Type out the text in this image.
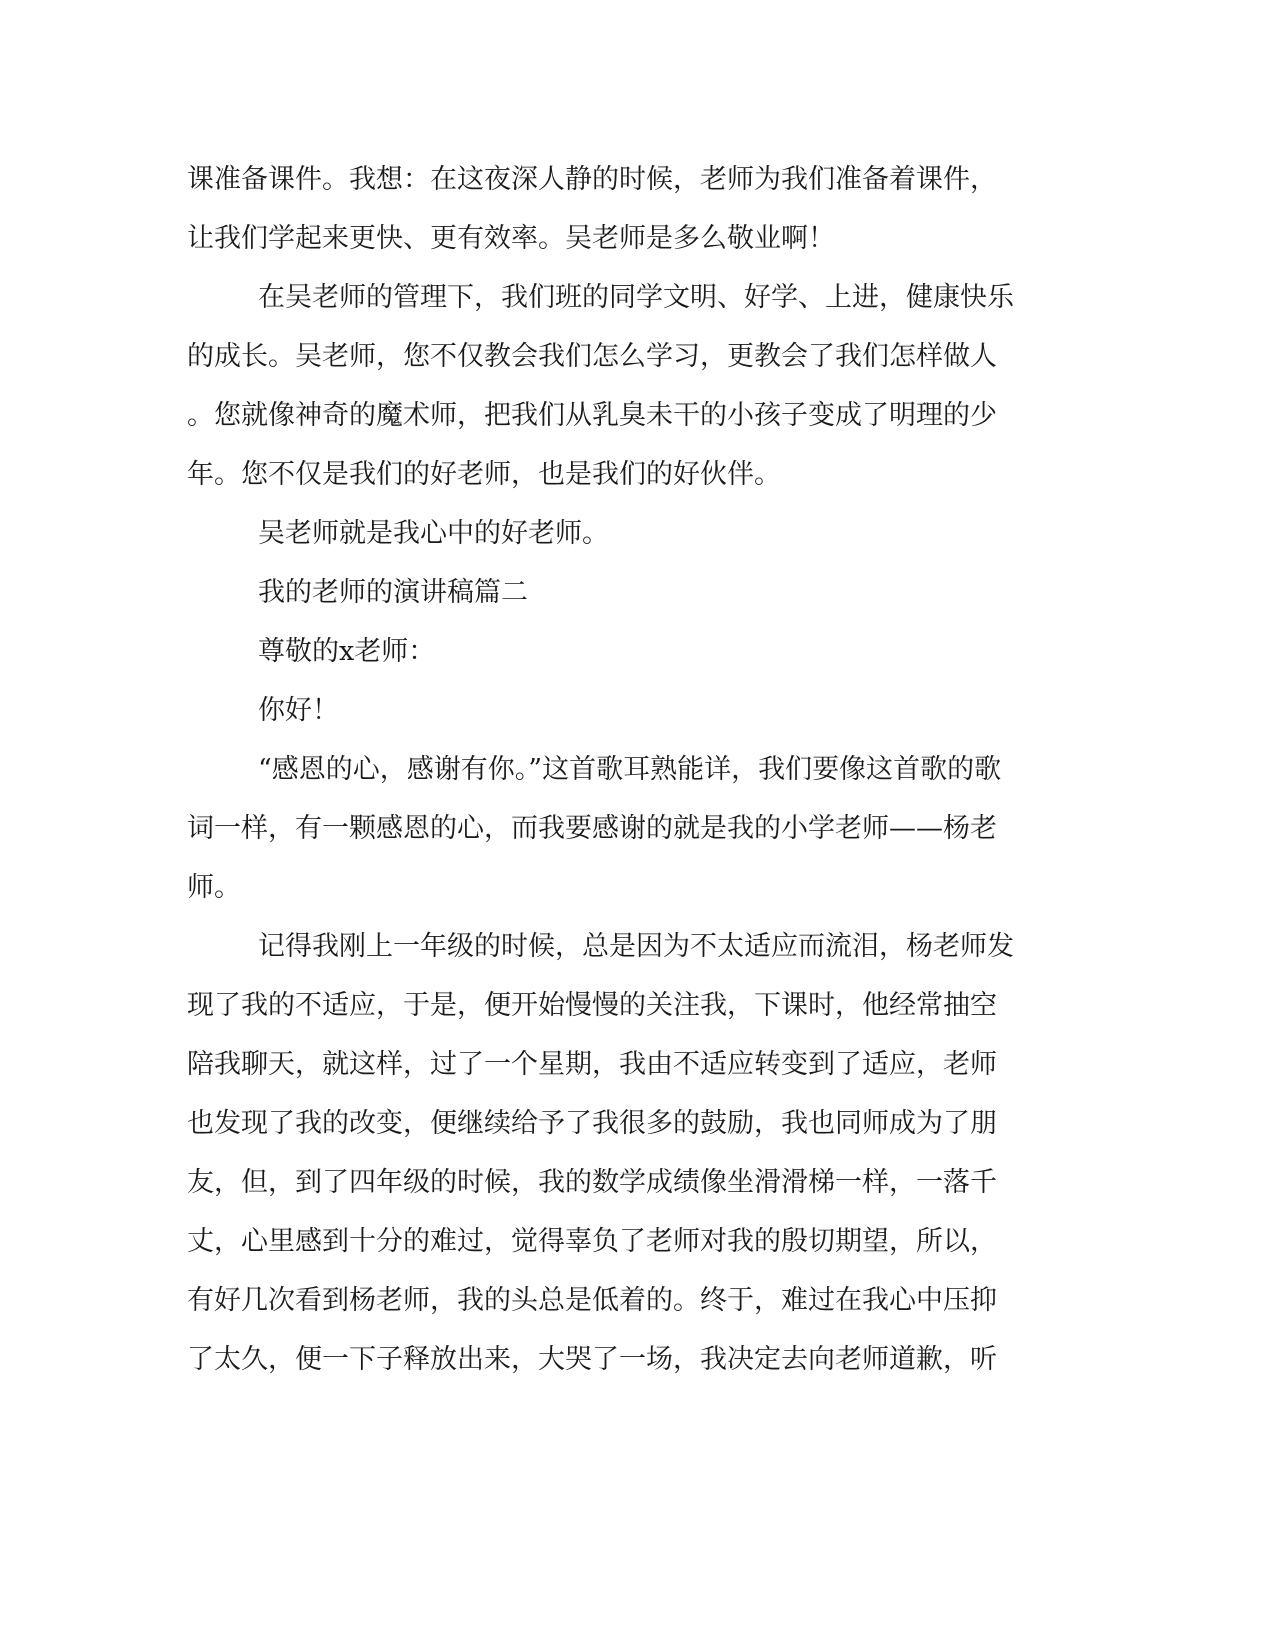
课准备课件。我想：在这夜深人静的时候，老师为我们准备着课件，
让我们学起来更快、更有效率。吴老师是多么敬业啊！
在吴老师的管理下，我们班的同学文明、好学、上进，健康快乐
的成长。吴老师，您不仅教会我们怎么学习，更教会了我们怎样做人
。您就像神奇的魔术师，把我们从乳臭未干的小孩子变成了明理的少
年。您不仅是我们的好老师，也是我们的好伙伴。
吴老师就是我心中的好老师。
我的老师的演讲稿篇二
尊敬的x老师：
你好！
“感恩的心，感谢有你。”这首歌耳熟能详，我们要像这首歌的歌
词一样，有一颗感恩的心，而我要感谢的就是我的小学老师——杨老
师。
记得我刚上一年级的时候，总是因为不太适应而流泪，杨老师发
现了我的不适应，于是，便开始慢慢的关注我，下课时，他经常抽空
陪我聊天，就这样，过了一个星期，我由不适应转变到了适应，老师
也发现了我的改变，便继续给予了我很多的鼓励，我也同师成为了朋
友，但，到了四年级的时候，我的数学成绩像坐滑滑梯一样，一落千
丈，心里感到十分的难过，觉得辜负了老师对我的殷切期望，所以，
有好几次看到杨老师，我的头总是低着的。终于，难过在我心中压抑
了太久，便一下子释放出来，大哭了一场，我决定去向老师道歉，听
